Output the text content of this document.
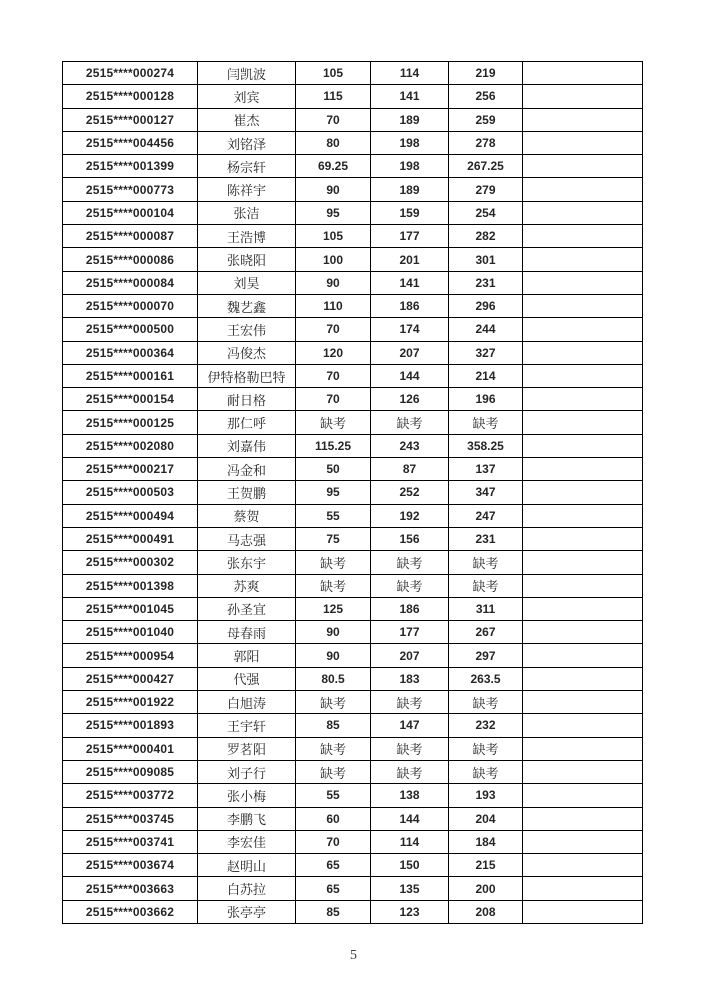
2515****000274	闫凯波	105	114	219	
2515****000128	刘宾	115	141	256	
2515****000127	崔杰	70	189	259	
2515****004456	刘铭泽	80	198	278	
2515****001399	杨宗轩	69.25	198	267.25	
2515****000773	陈祥宇	90	189	279	
2515****000104	张洁	95	159	254	
2515****000087	王浩博	105	177	282	
2515****000086	张晓阳	100	201	301	
2515****000084	刘昊	90	141	231	
2515****000070	魏艺鑫	110	186	296	
2515****000500	王宏伟	70	174	244	
2515****000364	冯俊杰	120	207	327	
2515****000161	伊特格勒巴特	70	144	214	
2515****000154	耐日格	70	126	196	
2515****000125	那仁呼	缺考	缺考	缺考	
2515****002080	刘嘉伟	115.25	243	358.25	
2515****000217	冯金和	50	87	137	
2515****000503	王贺鹏	95	252	347	
2515****000494	蔡贺	55	192	247	
2515****000491	马志强	75	156	231	
2515****000302	张东宇	缺考	缺考	缺考	
2515****001398	苏爽	缺考	缺考	缺考	
2515****001045	孙圣宜	125	186	311	
2515****001040	母春雨	90	177	267	
2515****000954	郭阳	90	207	297	
2515****000427	代强	80.5	183	263.5	
2515****001922	白旭涛	缺考	缺考	缺考	
2515****001893	王宇轩	85	147	232	
2515****000401	罗茗阳	缺考	缺考	缺考	
2515****009085	刘子行	缺考	缺考	缺考	
2515****003772	张小梅	55	138	193	
2515****003745	李鹏飞	60	144	204	
2515****003741	李宏佳	70	114	184	
2515****003674	赵明山	65	150	215	
2515****003663	白苏拉	65	135	200	
2515****003662	张亭亭	85	123	208	
5
